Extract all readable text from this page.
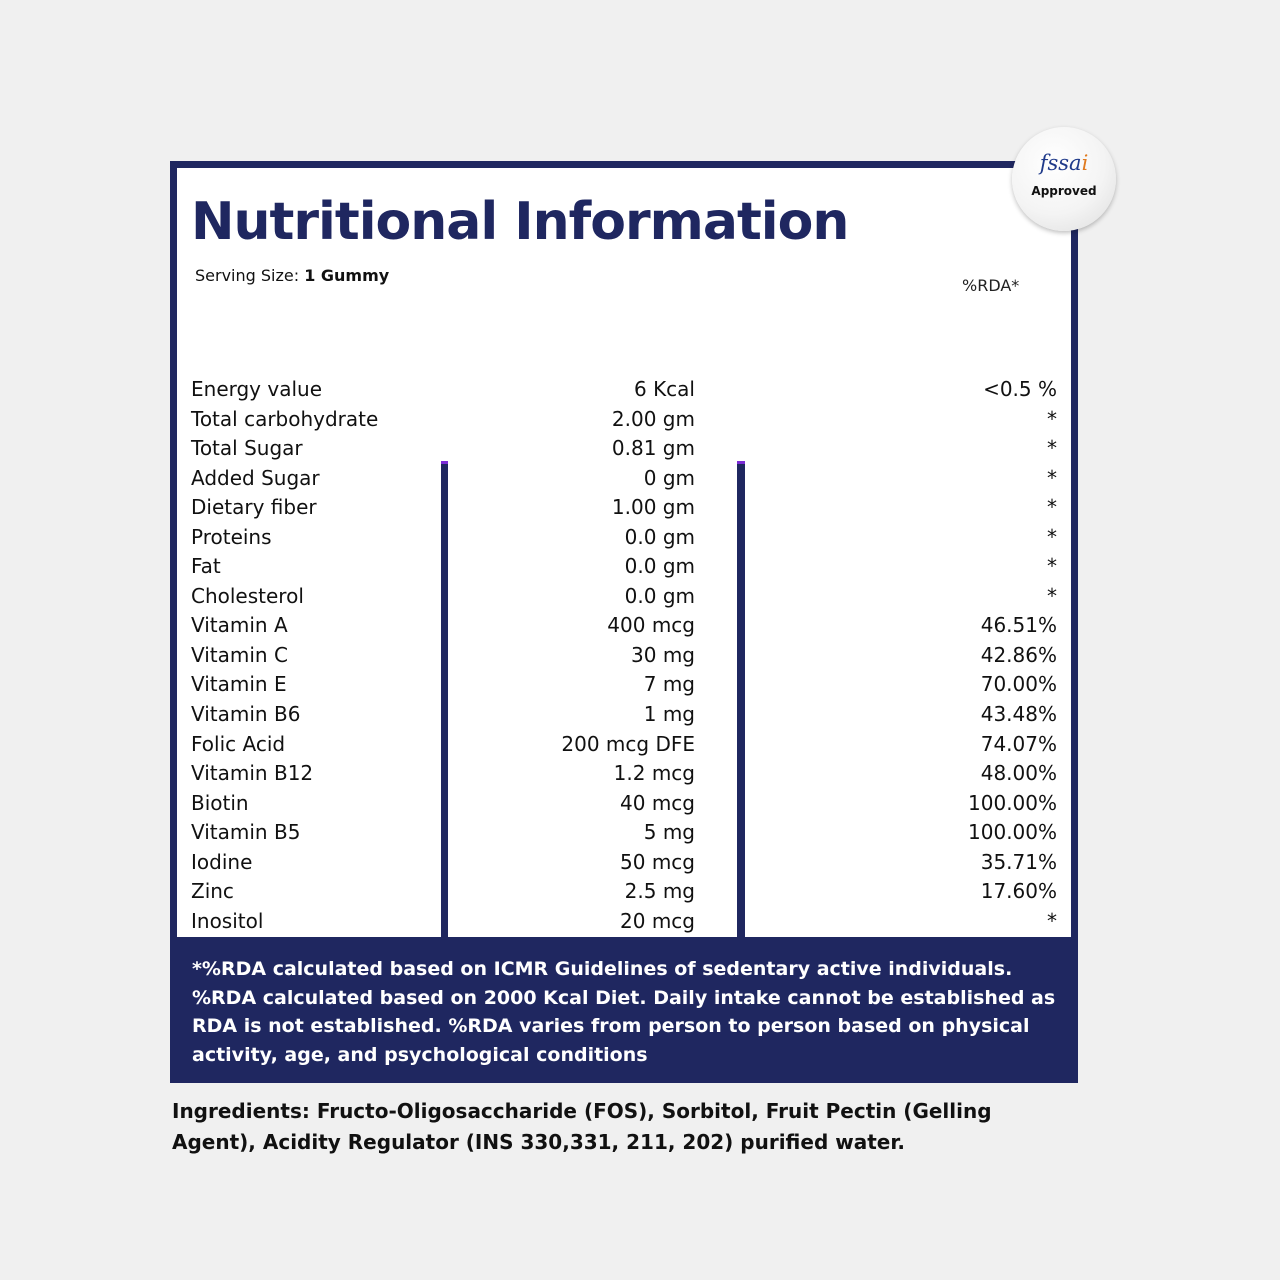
Nutritional Information
Serving Size: 1 Gummy
%RDA*
Ingredients:	Amount Per Serving:	Approximate daily %
Energy value
Total carbohydrate
Total Sugar
Added Sugar
Dietary fiber
Proteins
Fat
Cholesterol
Vitamin A
Vitamin C
Vitamin E
Vitamin B6
Folic Acid
Vitamin B12
Biotin
Vitamin B5
Iodine
Zinc
Inositol
6 Kcal
2.00 gm
0.81 gm
0 gm
1.00 gm
0.0 gm
0.0 gm
0.0 gm
400 mcg
30 mg
7 mg
1 mg
200 mcg DFE
1.2 mcg
40 mcg
5 mg
50 mcg
2.5 mg
20 mcg
<0.5 %
*
*
*
*
*
*
*
46.51%
42.86%
70.00%
43.48%
74.07%
48.00%
100.00%
100.00%
35.71%
17.60%
*
*%RDA calculated based on ICMR Guidelines of sedentary active individuals. %RDA calculated based on 2000 Kcal Diet. Daily intake cannot be established as RDA is not established. %RDA varies from person to person based on physical activity, age, and psychological conditions
fssai
Approved
Ingredients: Fructo-Oligosaccharide (FOS), Sorbitol, Fruit Pectin (Gelling Agent), Acidity Regulator (INS 330,331, 211, 202) purified water.
